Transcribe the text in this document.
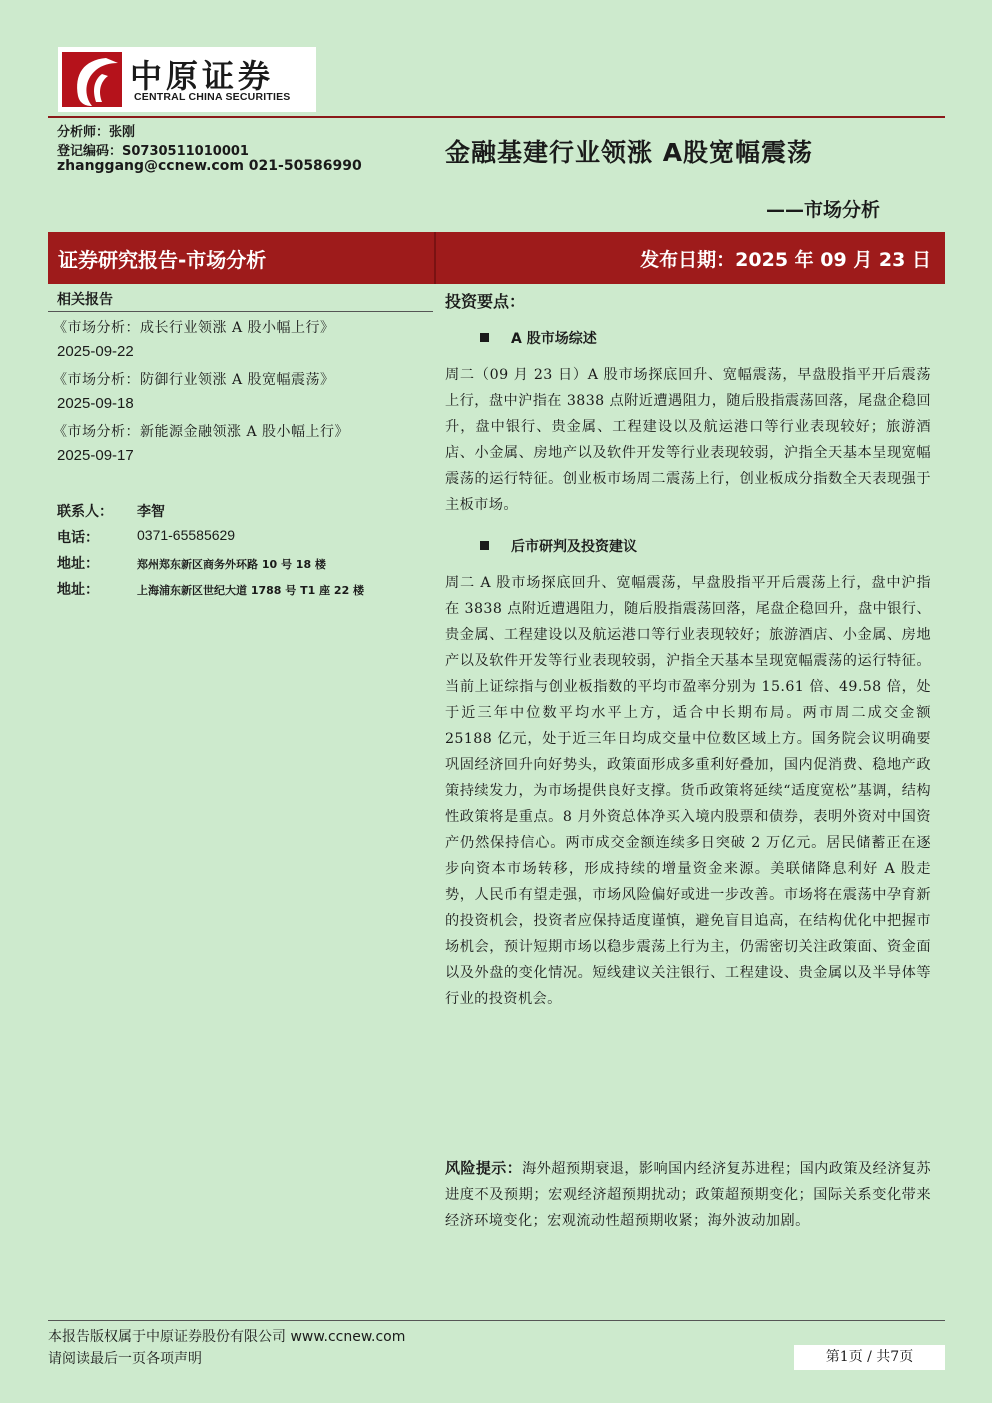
中原证券
CENTRAL CHINA SECURITIES
分析师：张刚
登记编码：S0730511010001
zhanggang@ccnew.com 021-50586990	金融基建行业领涨 A股宽幅震荡
——市场分析
证券研究报告-市场分析	发布日期：2025 年 09 月 23 日
相关报告
《市场分析：成长行业领涨 A 股小幅上行》
2025-09-22
《市场分析：防御行业领涨 A 股宽幅震荡》
2025-09-18
《市场分析：新能源金融领涨 A 股小幅上行》
2025-09-17
联系人： 李智
电话：	0371-65585629
地址：	郑州郑东新区商务外环路 10 号 18 楼
地址：	上海浦东新区世纪大道 1788 号 T1 座 22 楼
投资要点：
A 股市场综述
周二（09 月 23 日）A 股市场探底回升、宽幅震荡，早盘股指平开后震荡上行，盘中沪指在 3838 点附近遭遇阻力，随后股指震荡回落，尾盘企稳回升，盘中银行、贵金属、工程建设以及航运港口等行业表现较好；旅游酒店、小金属、房地产以及软件开发等行业表现较弱，沪指全天基本呈现宽幅震荡的运行特征。创业板市场周二震荡上行，创业板成分指数全天表现强于主板市场。
后市研判及投资建议
周二 A 股市场探底回升、宽幅震荡，早盘股指平开后震荡上行，盘中沪指在 3838 点附近遭遇阻力，随后股指震荡回落，尾盘企稳回升，盘中银行、贵金属、工程建设以及航运港口等行业表现较好；旅游酒店、小金属、房地产以及软件开发等行业表现较弱，沪指全天基本呈现宽幅震荡的运行特征。当前上证综指与创业板指数的平均市盈率分别为 15.61 倍、49.58 倍，处于近三年中位数平均水平上方，适合中长期布局。两市周二成交金额 25188 亿元，处于近三年日均成交量中位数区域上方。国务院会议明确要巩固经济回升向好势头，政策面形成多重利好叠加，国内促消费、稳地产政策持续发力，为市场提供良好支撑。货币政策将延续“适度宽松”基调，结构性政策将是重点。8 月外资总体净买入境内股票和债券，表明外资对中国资产仍然保持信心。两市成交金额连续多日突破 2 万亿元。居民储蓄正在逐步向资本市场转移，形成持续的增量资金来源。美联储降息利好 A 股走势，人民币有望走强，市场风险偏好或进一步改善。市场将在震荡中孕育新的投资机会，投资者应保持适度谨慎，避免盲目追高，在结构优化中把握市场机会，预计短期市场以稳步震荡上行为主，仍需密切关注政策面、资金面以及外盘的变化情况。短线建议关注银行、工程建设、贵金属以及半导体等行业的投资机会。
风险提示：海外超预期衰退，影响国内经济复苏进程；国内政策及经济复苏进度不及预期；宏观经济超预期扰动；政策超预期变化；国际关系变化带来经济环境变化；宏观流动性超预期收紧；海外波动加剧。
本报告版权属于中原证券股份有限公司 www.ccnew.com
请阅读最后一页各项声明	第1页 / 共7页
